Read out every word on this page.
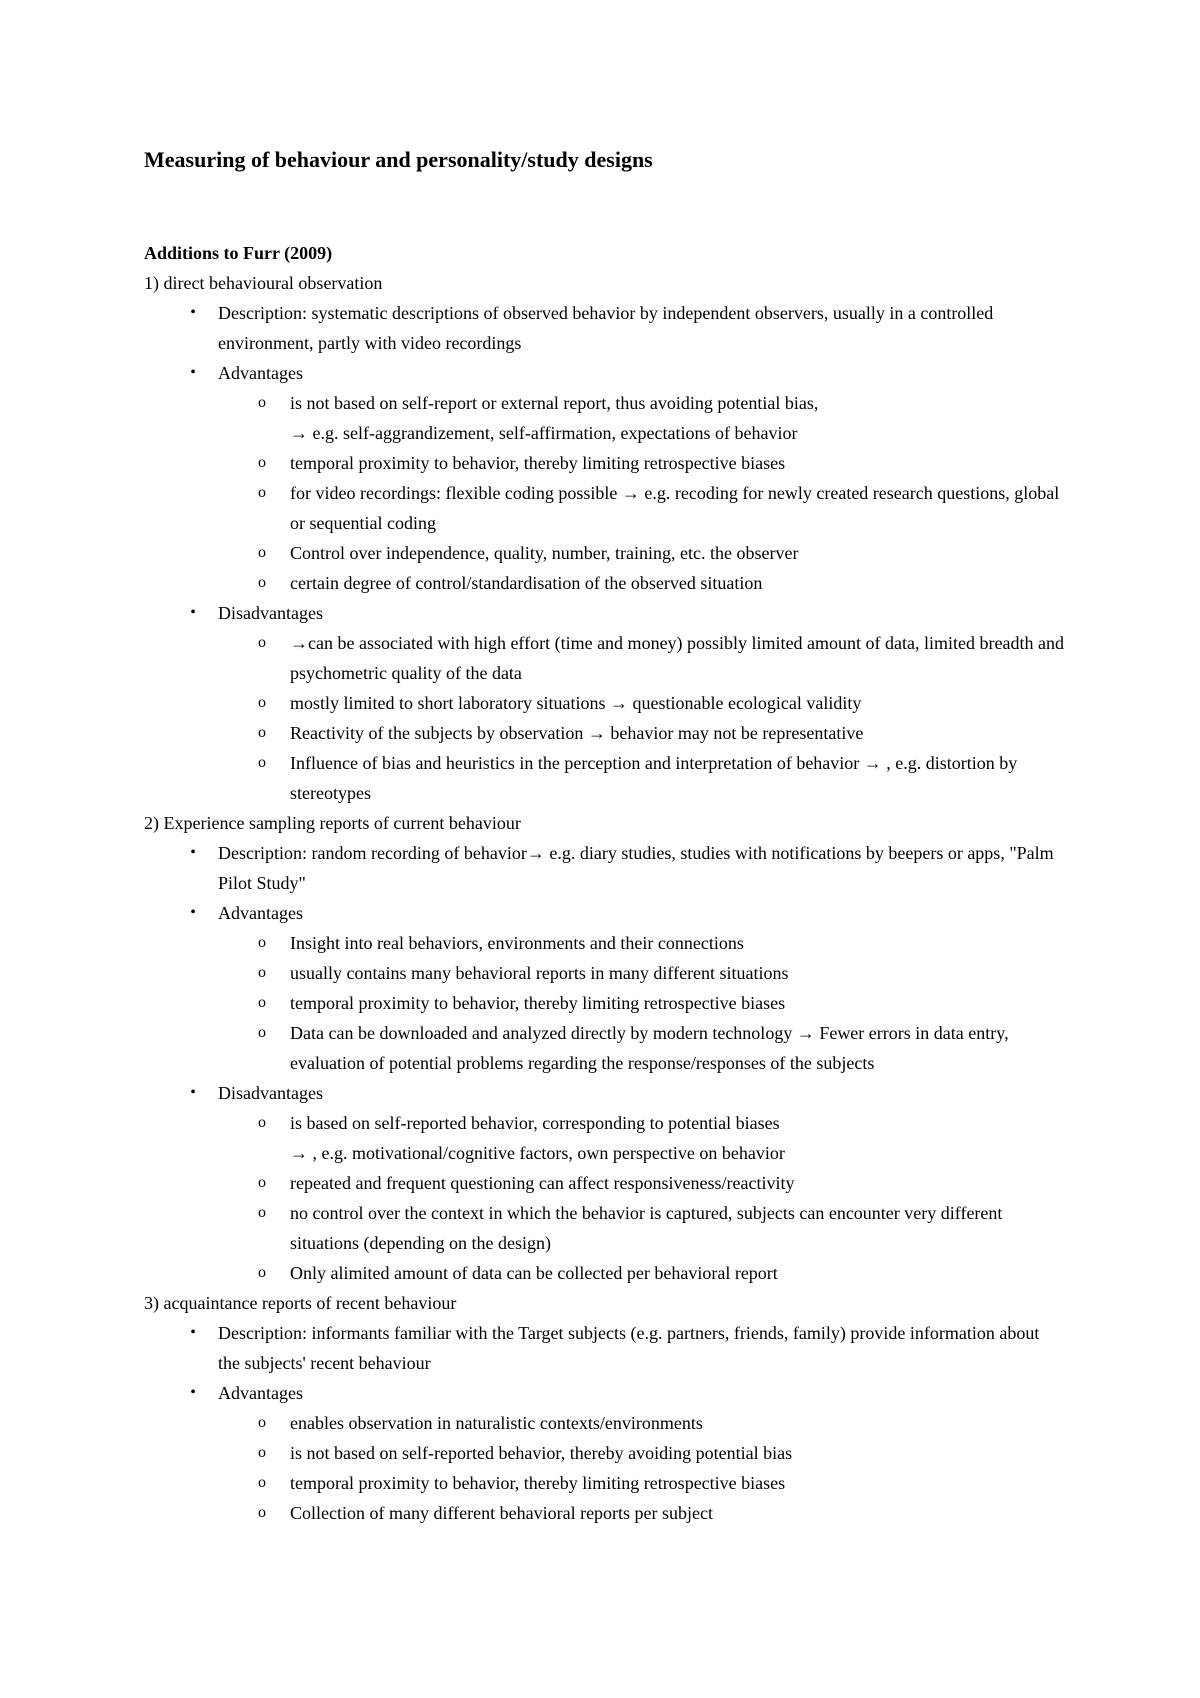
Measuring of behaviour and personality/study designs
Additions to Furr (2009)
1) direct behavioural observation
•	Description: systematic descriptions of observed behavior by independent observers, usually in a controlled environment, partly with video recordings
•	Advantages
o	is not based on self-report or external report, thus avoiding potential bias,
→ e.g. self-aggrandizement, self-affirmation, expectations of behavior
o	temporal proximity to behavior, thereby limiting retrospective biases
o	for video recordings: flexible coding possible → e.g. recoding for newly created research questions, global or sequential coding
o	Control over independence, quality, number, training, etc. the observer
o	certain degree of control/standardisation of the observed situation
•	Disadvantages
o	→can be associated with high effort (time and money) possibly limited amount of data, limited breadth and psychometric quality of the data
o	mostly limited to short laboratory situations → questionable ecological validity
o	Reactivity of the subjects by observation → behavior may not be representative
o	Influence of bias and heuristics in the perception and interpretation of behavior → , e.g. distortion by stereotypes
2) Experience sampling reports of current behaviour
•	Description: random recording of behavior→ e.g. diary studies, studies with notifications by beepers or apps, "Palm Pilot Study"
•	Advantages
o	Insight into real behaviors, environments and their connections
o	usually contains many behavioral reports in many different situations
o	temporal proximity to behavior, thereby limiting retrospective biases
o	Data can be downloaded and analyzed directly by modern technology → Fewer errors in data entry, evaluation of potential problems regarding the response/responses of the subjects
•	Disadvantages
o	is based on self-reported behavior, corresponding to potential biases
→ , e.g. motivational/cognitive factors, own perspective on behavior
o	repeated and frequent questioning can affect responsiveness/reactivity
o	no control over the context in which the behavior is captured, subjects can encounter very different situations (depending on the design)
o	Only alimited amount of data can be collected per behavioral report
3) acquaintance reports of recent behaviour
•	Description: informants familiar with the Target subjects (e.g. partners, friends, family) provide information about the subjects' recent behaviour
•	Advantages
o	enables observation in naturalistic contexts/environments
o	is not based on self-reported behavior, thereby avoiding potential bias
o	temporal proximity to behavior, thereby limiting retrospective biases
o	Collection of many different behavioral reports per subject
